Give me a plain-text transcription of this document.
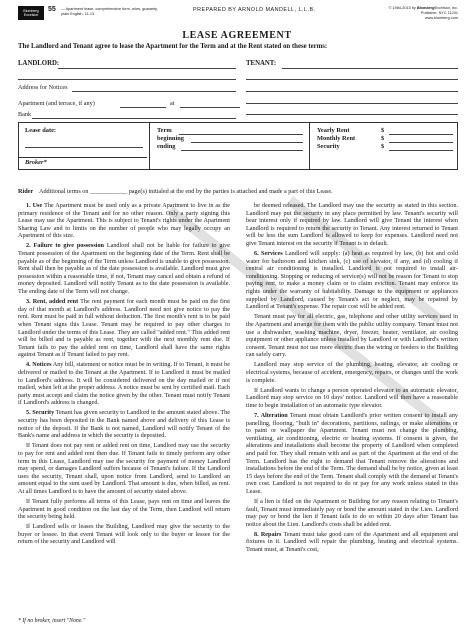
Blumberg Excelsior
55 — Apartment lease, comprehensive form, rules, guaranty, plain English, 11-13
PREPARED BY ARNOLD MANDELL, L.L.B.	© 1984-2015 by BlumbergExcelsior, Inc.
Publisher, NYC 11241
www.blumberg.com
LEASE AGREEMENT
The Landlord and Tenant agree to lease the Apartment for the Term and at the Rent stated on these terms:
LANDLORD:	TENANT:
Address for Notices
Apartment (and terrace, if any)	at
Bank
Lease date:
Broker*
Term
beginning
ending
Yearly Rent	$
Monthly Rent	$
Security	$
Rider Additional terms on ____________ page(s) initialed at the end by the parties is attached and made a part of this Lease.

1. Use The Apartment must be used only as a private Apartment to live in as the primary residence of the Tenant and for no other reason. Only a party signing this Lease may use the Apartment. This is subject to Tenant's rights under the Apartment Sharing Law and to limits on the number of people who may legally occupy an Apartment of this size.

2. Failure to give possession Landlord shall not be liable for failure to give Tenant possession of the Apartment on the beginning date of the Term. Rent shall be payable as of the beginning of the Term unless Landlord is unable to give possession. Rent shall then be payable as of the date possession is available. Landlord must give possession within a reasonable time, if not, Tenant may cancel and obtain a refund of money deposited. Landlord will notify Tenant as to the date possession is available. The ending date of the Term will not change.

3. Rent, added rent The rent payment for each month must be paid on the first day of that month at Landlord's address. Landlord need not give notice to pay the rent. Rent must be paid in full without deduction. The first month's rent is to be paid when Tenant signs this Lease. Tenant may be required to pay other charges to Landlord under the terms of this Lease. They are called "added rent." This added rent will be billed and is payable as rent, together with the next monthly rent due. If Tenant fails to pay the added rent on time, Landlord shall have the same rights against Tenant as if Tenant failed to pay rent.

4. Notices Any bill, statement or notice must be in writing. If to Tenant, it must be delivered or mailed to the Tenant at the Apartment. If to Landlord it must be mailed to Landlord's address. It will be considered delivered on the day mailed or if not mailed, when left at the proper address. A notice must be sent by certified mail. Each party must accept and claim the notice given by the other. Tenant must notify Tenant if Landlord's address is changed.

5. Security Tenant has given security to Landlord in the amount stated above. The security has been deposited in the Bank named above and delivery of this Lease is notice of the deposit. If the Bank is not named, Landlord will notify Tenant of the Bank's name and address in which the security is deposited.

If Tenant does not pay rent or added rent on time, Landlord may use the security to pay for rent and added rent then due. If Tenant fails to timely perform any other term in this Lease, Landlord may use the security for payment of money Landlord may spend, or damages Landlord suffers because of Tenant's failure. If the Landlord uses the security, Tenant shall, upon notice from Landlord, send to Landlord an amount equal to the sum used by Landlord. That amount is due, when billed, as rent. At all times Landlord is to have the amount of security stated above.

If Tenant fully performs all terms of this Lease, pays rent on time and leaves the Apartment in good condition on the last day of the Term, then Landlord will return the security being held.

If Landlord sells or leases the Building, Landlord may give the security to the buyer or lessee. In that event Tenant will look only to the buyer or lessee for the return of the security and Landlord will

be deemed released. The Landlord may use the security as stated in this section. Landlord may put the security in any place permitted by law. Tenant's security will bear interest only if required by law. Landlord will give Tenant the interest when Landlord is required to return the security to Tenant. Any interest returned to Tenant will be less the sum Landlord is allowed to keep for expenses. Landlord need not give Tenant interest on the security if Tenant is in default.

6. Services Landlord will supply: (a) heat as required by law, (b) hot and cold water for bathroom and kitchen sink, (c) use of elevator, if any, and (d) cooling if central air conditioning is installed. Landlord is not required to install air-conditioning. Stopping or reducing of service(s) will not be reason for Tenant to stop paying rent, to make a money claim or to claim eviction. Tenant may enforce its rights under the warranty of habitability. Damage to the equipment or appliances supplied by Landlord, caused by Tenant's act or neglect, may be repaired by Landlord at Tenant's expense. The repair cost will be added rent.

Tenant must pay for all electric, gas, telephone and other utility services used in the Apartment and arrange for them with the public utility company. Tenant must not use a dishwasher, washing machine, dryer, freezer, heater, ventilator, air cooling equipment or other appliance unless installed by Landlord or with Landlord's written consent. Tenant must not use more electric than the wiring or feeders to the Building can safely carry.

Landlord may stop service of the plumbing, heating, elevator, air cooling or electrical systems, because of accident, emergency, repairs, or changes until the work is complete.

If Landlord wants to change a person operated elevator to an automatic elevator, Landlord may stop service on 10 days' notice. Landlord will then have a reasonable time to begin installation of an automatic type elevator.

7. Alteration Tenant must obtain Landlord's prior written consent to install any panelling, flooring, "built in" decorations, partitions, railings, or make alterations or to paint or wallpaper the Apartment. Tenant must not change the plumbing, ventilating, air conditioning, electric or heating systems. If consent is given, the alterations and installations shall become the property of Landlord when completed and paid for. They shall remain with and as part of the Apartment at the end of the Term. Landlord has the right to demand that Tenant remove the alterations and installations before the end of the Term. The demand shall be by notice, given at least 15 days before the end of the Term. Tenant shall comply with the demand at Tenant's own cost. Landlord is not required to do or pay for any work unless stated in this Lease.

If a lien is filed on the Apartment or Building for any reason relating to Tenant's fault, Tenant must immediately pay or bond the amount stated in the Lien. Landlord may pay or bond the lien if Tenant fails to do so within 20 days after Tenant has notice about the Lien. Landlord's costs shall be added rent.

8. Repairs Tenant must take good care of the Apartment and all equipment and fixtures in it. Landlord will repair the plumbing, heating and electrical systems. Tenant must, at Tenant's cost,

* If no broker, insert "None."
